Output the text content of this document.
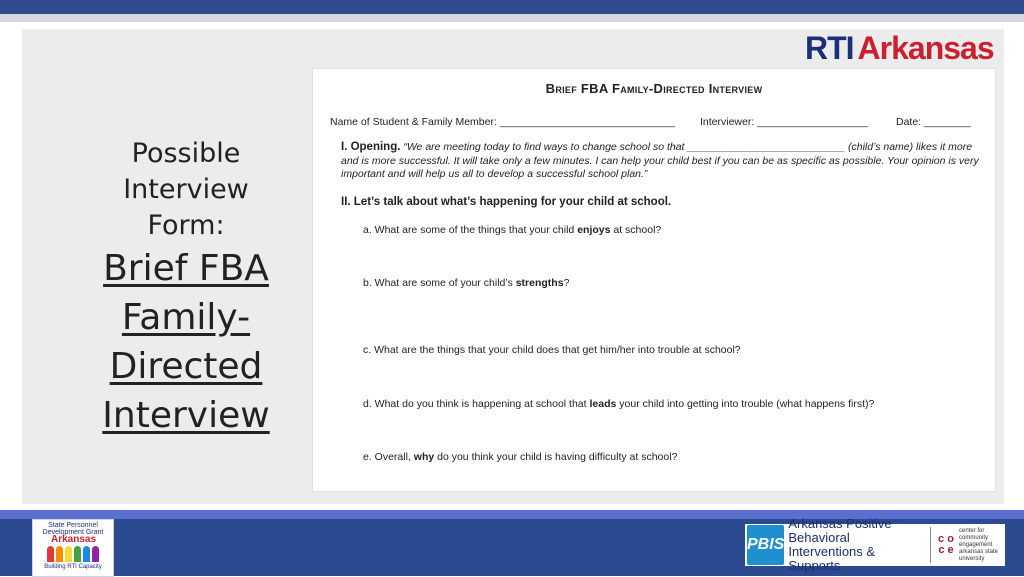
RTI Arkansas
Possible
Interview
Form:
Brief FBA
Family-
Directed
Interview
Brief FBA Family-Directed Interview
Name of Student & Family Member: ______________________________ Interviewer: ___________________	Date: ________
I. Opening. “We are meeting today to find ways to change school so that ___________________________ (child’s name) likes it more and is more successful. It will take only a few minutes. I can help your child best if you can be as specific as possible. Your opinion is very important and will help us all to develop a successful school plan.”
II. Let’s talk about what’s happening for your child at school.
a. What are some of the things that your child enjoys at school?
b. What are some of your child’s strengths?
c. What are the things that your child does that get him/her into trouble at school?
d. What do you think is happening at school that leads your child into getting into trouble (what happens first)?
e. Overall, why do you think your child is having difficulty at school?
State Personnel Development Grant
Arkansas
Building RTI Capacity
PBIS
Arkansas Positive Behavioral
Interventions & Supports
c o
c e
center for community engagement arkansas state university
